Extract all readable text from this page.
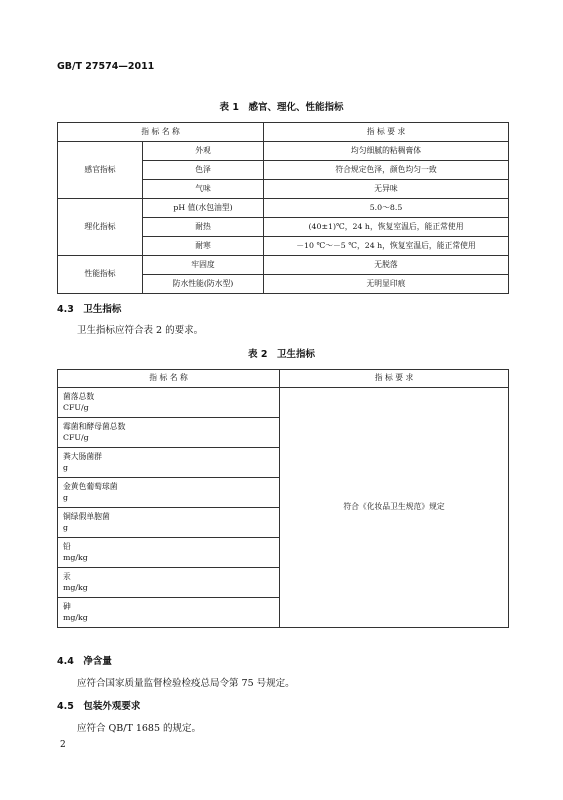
GB/T 27574—2011
表 1　感官、理化、性能指标
指 标 名 称		指 标 要 求
感官指标	外观	均匀细腻的粘稠膏体
	色泽	符合规定色泽，颜色均匀一致
	气味	无异味
理化指标	pH 值(水包油型)	5.0～8.5
	耐热	(40±1)℃，24 h，恢复室温后，能正常使用
	耐寒	－10 ℃～－5 ℃，24 h，恢复室温后，能正常使用
性能指标	牢固度	无脱落
	防水性能(防水型)	无明显印痕
4.3　卫生指标
卫生指标应符合表 2 的要求。
表 2　卫生指标
指 标 名 称	指 标 要 求

菌落总数
CFU/g	符合《化妆品卫生规范》规定

霉菌和酵母菌总数
CFU/g	

粪大肠菌群
g	

金黄色葡萄球菌
g	

铜绿假单胞菌
g	

铅
mg/kg	

汞
mg/kg	

砷
mg/kg	
4.4　净含量
应符合国家质量监督检验检疫总局令第 75 号规定。
4.5　包装外观要求
应符合 QB/T 1685 的规定。
2
